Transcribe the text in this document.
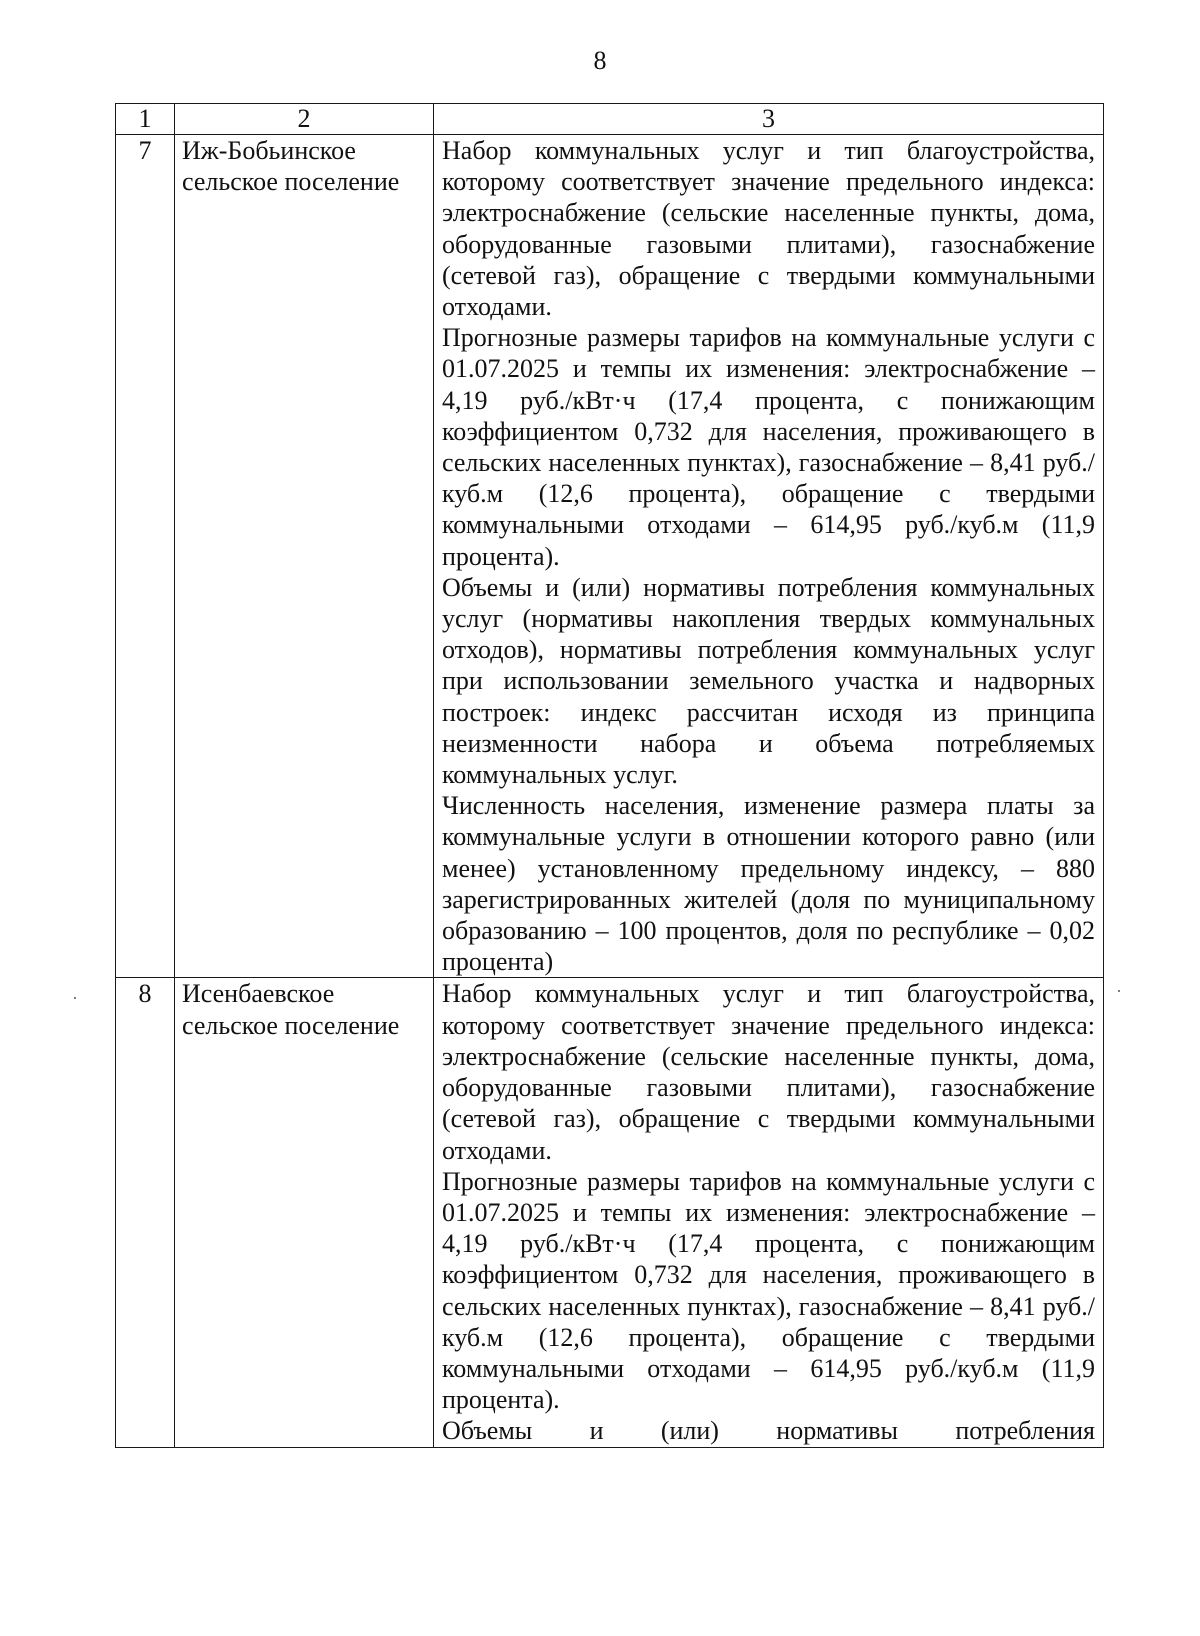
8
1	2	3
7	Иж-Бобьинское сельское поселение	Набор коммунальных услуг и тип благоустройства, которому соответствует значение предельного индекса: электроснабжение (сельские населенные пункты, дома, оборудованные газовыми плитами), газоснабжение (сетевой газ), обращение с твердыми коммунальными отходами.

Прогнозные размеры тарифов на коммунальные услуги с 01.07.2025 и темпы их изменения: электроснабжение – 4,19 руб./кВт·ч (17,4 процента, с понижающим коэффициентом 0,732 для населения, проживающего в сельских населенных пунктах), газоснабжение – 8,41 руб./куб.м (12,6 процента), обращение с твердыми коммунальными отходами – 614,95 руб./куб.м (11,9 процента).

Объемы и (или) нормативы потребления коммунальных услуг (нормативы накопления твердых коммунальных отходов), нормативы потребления коммунальных услуг при использовании земельного участка и надворных построек: индекс рассчитан исходя из принципа неизменности набора и объема потребляемых коммунальных услуг.

Численность населения, изменение размера платы за коммунальные услуги в отношении которого равно (или менее) установленному предельному индексу, – 880 зарегистрированных жителей (доля по муниципальному образованию – 100 процентов, доля по республике – 0,02 процента)

8	Исенбаевское сельское поселение	Набор коммунальных услуг и тип благоустройства, которому соответствует значение предельного индекса: электроснабжение (сельские населенные пункты, дома, оборудованные газовыми плитами), газоснабжение (сетевой газ), обращение с твердыми коммунальными отходами.

Прогнозные размеры тарифов на коммунальные услуги с 01.07.2025 и темпы их изменения: электроснабжение – 4,19 руб./кВт·ч (17,4 процента, с понижающим коэффициентом 0,732 для населения, проживающего в сельских населенных пунктах), газоснабжение – 8,41 руб./куб.м (12,6 процента), обращение с твердыми коммунальными отходами – 614,95 руб./куб.м (11,9 процента).

Объемы и (или) нормативы потребления
